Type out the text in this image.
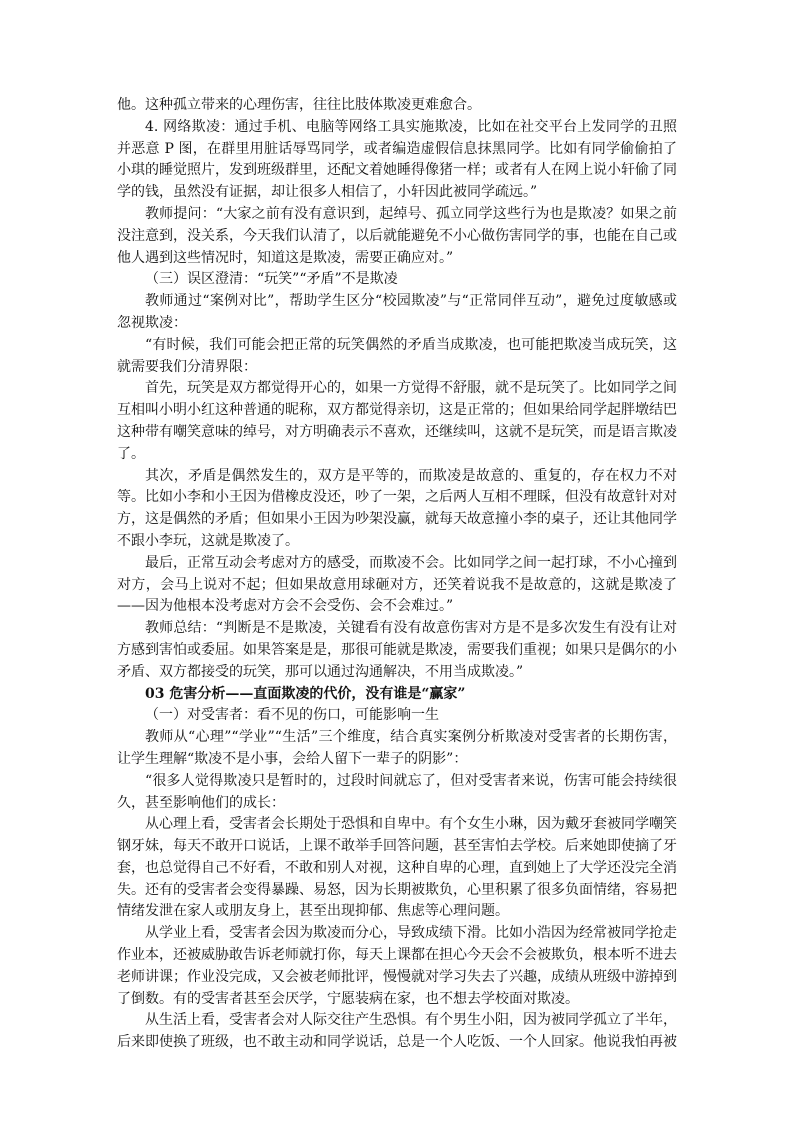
他。这种孤立带来的心理伤害，往往比肢体欺凌更难愈合。

4. 网络欺凌：通过手机、电脑等网络工具实施欺凌，比如在社交平台上发同学的丑照并恶意 P 图，在群里用脏话辱骂同学，或者编造虚假信息抹黑同学。比如有同学偷偷拍了小琪的睡觉照片，发到班级群里，还配文着她睡得像猪一样；或者有人在网上说小轩偷了同学的钱，虽然没有证据，却让很多人相信了，小轩因此被同学疏远。”

教师提问：“大家之前有没有意识到，起绰号、孤立同学这些行为也是欺凌？如果之前没注意到，没关系，今天我们认清了，以后就能避免不小心做伤害同学的事，也能在自己或他人遇到这些情况时，知道这是欺凌，需要正确应对。”

（三）误区澄清：“玩笑”“矛盾”不是欺凌

教师通过“案例对比”，帮助学生区分“校园欺凌”与“正常同伴互动”，避免过度敏感或忽视欺凌：

“有时候，我们可能会把正常的玩笑偶然的矛盾当成欺凌，也可能把欺凌当成玩笑，这就需要我们分清界限：

首先，玩笑是双方都觉得开心的，如果一方觉得不舒服，就不是玩笑了。比如同学之间互相叫小明小红这种普通的昵称，双方都觉得亲切，这是正常的；但如果给同学起胖墩结巴这种带有嘲笑意味的绰号，对方明确表示不喜欢，还继续叫，这就不是玩笑，而是语言欺凌了。

其次，矛盾是偶然发生的，双方是平等的，而欺凌是故意的、重复的，存在权力不对等。比如小李和小王因为借橡皮没还，吵了一架，之后两人互相不理睬，但没有故意针对对方，这是偶然的矛盾；但如果小王因为吵架没赢，就每天故意撞小李的桌子，还让其他同学不跟小李玩，这就是欺凌了。

最后，正常互动会考虑对方的感受，而欺凌不会。比如同学之间一起打球，不小心撞到对方，会马上说对不起；但如果故意用球砸对方，还笑着说我不是故意的，这就是欺凌了——因为他根本没考虑对方会不会受伤、会不会难过。”

教师总结：“判断是不是欺凌，关键看有没有故意伤害对方是不是多次发生有没有让对方感到害怕或委屈。如果答案是是，那很可能就是欺凌，需要我们重视；如果只是偶尔的小矛盾、双方都接受的玩笑，那可以通过沟通解决，不用当成欺凌。”

03 危害分析——直面欺凌的代价，没有谁是“赢家”

（一）对受害者：看不见的伤口，可能影响一生

教师从“心理”“学业”“生活”三个维度，结合真实案例分析欺凌对受害者的长期伤害，让学生理解“欺凌不是小事，会给人留下一辈子的阴影”：

“很多人觉得欺凌只是暂时的，过段时间就忘了，但对受害者来说，伤害可能会持续很久，甚至影响他们的成长：

从心理上看，受害者会长期处于恐惧和自卑中。有个女生小琳，因为戴牙套被同学嘲笑钢牙妹，每天不敢开口说话，上课不敢举手回答问题，甚至害怕去学校。后来她即使摘了牙套，也总觉得自己不好看，不敢和别人对视，这种自卑的心理，直到她上了大学还没完全消失。还有的受害者会变得暴躁、易怒，因为长期被欺负，心里积累了很多负面情绪，容易把情绪发泄在家人或朋友身上，甚至出现抑郁、焦虑等心理问题。

从学业上看，受害者会因为欺凌而分心，导致成绩下滑。比如小浩因为经常被同学抢走作业本，还被威胁敢告诉老师就打你，每天上课都在担心今天会不会被欺负，根本听不进去老师讲课；作业没完成，又会被老师批评，慢慢就对学习失去了兴趣，成绩从班级中游掉到了倒数。有的受害者甚至会厌学，宁愿装病在家，也不想去学校面对欺凌。

从生活上看，受害者会对人际交往产生恐惧。有个男生小阳，因为被同学孤立了半年，后来即使换了班级，也不敢主动和同学说话，总是一个人吃饭、一个人回家。他说我怕再被
